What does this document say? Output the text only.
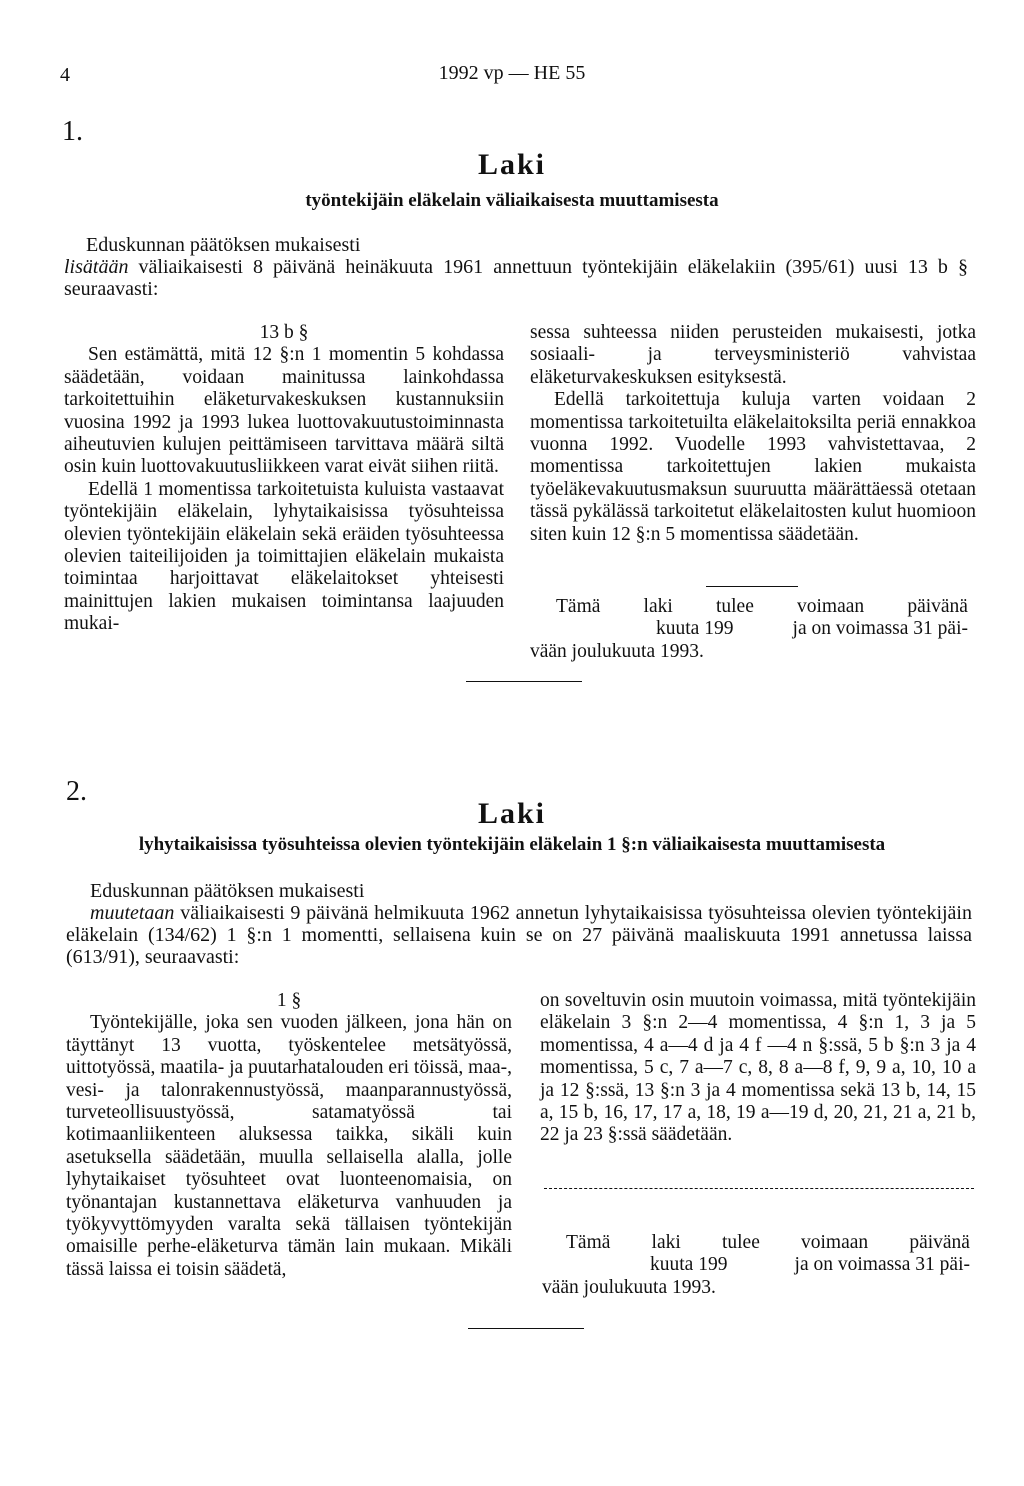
4	1992 vp — HE 55
1.
Laki
työntekijäin eläkelain väliaikaisesta muuttamisesta

Eduskunnan päätöksen mukaisesti

lisätään väliaikaisesti 8 päivänä heinäkuuta 1961 annettuun työntekijäin eläkelakiin (395/61) uusi 13 b § seuraavasti:

13 b §

Sen estämättä, mitä 12 §:n 1 momentin 5 kohdassa säädetään, voidaan mainitussa lainkohdassa tarkoitettuihin eläketurvakeskuksen kustannuksiin vuosina 1992 ja 1993 lukea luottovakuutustoiminnasta aiheutuvien kulujen peittämiseen tarvittava määrä siltä osin kuin luottovakuutusliikkeen varat eivät siihen riitä.

Edellä 1 momentissa tarkoitetuista kuluista vastaavat työntekijäin eläkelain, lyhytaikaisissa työsuhteissa olevien työntekijäin eläkelain sekä eräiden työsuhteessa olevien taiteilijoiden ja toimittajien eläkelain mukaista toimintaa harjoittavat eläkelaitokset yhteisesti mainittujen lakien mukaisen toimintansa laajuuden mukai-

sessa suhteessa niiden perusteiden mukaisesti, jotka sosiaali- ja terveysministeriö vahvistaa eläketurvakeskuksen esityksestä.

Edellä tarkoitettuja kuluja varten voidaan 2 momentissa tarkoitetuilta eläkelaitoksilta periä ennakkoa vuonna 1992. Vuodelle 1993 vahvistettavaa, 2 momentissa tarkoitettujen lakien mukaista työeläkevakuutusmaksun suuruutta määrättäessä otetaan tässä pykälässä tarkoitetut eläkelaitosten kulut huomioon siten kuin 12 §:n 5 momentissa säädetään.

Tämä laki tulee voimaan päivänä
kuuta 199	ja on voimassa 31 päi-
vään joulukuuta 1993.
2.
Laki
lyhytaikaisissa työsuhteissa olevien työntekijäin eläkelain 1 §:n väliaikaisesta muuttamisesta

Eduskunnan päätöksen mukaisesti

muutetaan väliaikaisesti 9 päivänä helmikuuta 1962 annetun lyhytaikaisissa työsuhteissa olevien työntekijäin eläkelain (134/62) 1 §:n 1 momentti, sellaisena kuin se on 27 päivänä maaliskuuta 1991 annetussa laissa (613/91), seuraavasti:

1 §

Työntekijälle, joka sen vuoden jälkeen, jona hän on täyttänyt 13 vuotta, työskentelee metsätyössä, uittotyössä, maatila- ja puutarhatalouden eri töissä, maa-, vesi- ja talonrakennustyössä, maanparannustyössä, turveteollisuustyössä, satamatyössä tai kotimaanliikenteen aluksessa taikka, sikäli kuin asetuksella säädetään, muulla sellaisella alalla, jolle lyhytaikaiset työsuhteet ovat luonteenomaisia, on työnantajan kustannettava eläketurva vanhuuden ja työkyvyttömyyden varalta sekä tällaisen työntekijän omaisille perhe-eläketurva tämän lain mukaan. Mikäli tässä laissa ei toisin säädetä,

on soveltuvin osin muutoin voimassa, mitä työntekijäin eläkelain 3 §:n 2—4 momentissa, 4 §:n 1, 3 ja 5 momentissa, 4 a—4 d ja 4 f —4 n §:ssä, 5 b §:n 3 ja 4 momentissa, 5 c, 7 a—7 c, 8, 8 a—8 f, 9, 9 a, 10, 10 a ja 12 §:ssä, 13 §:n 3 ja 4 momentissa sekä 13 b, 14, 15 a, 15 b, 16, 17, 17 a, 18, 19 a—19 d, 20, 21, 21 a, 21 b, 22 ja 23 §:ssä säädetään.

Tämä laki tulee voimaan päivänä
kuuta 199	ja on voimassa 31 päi-
vään joulukuuta 1993.
